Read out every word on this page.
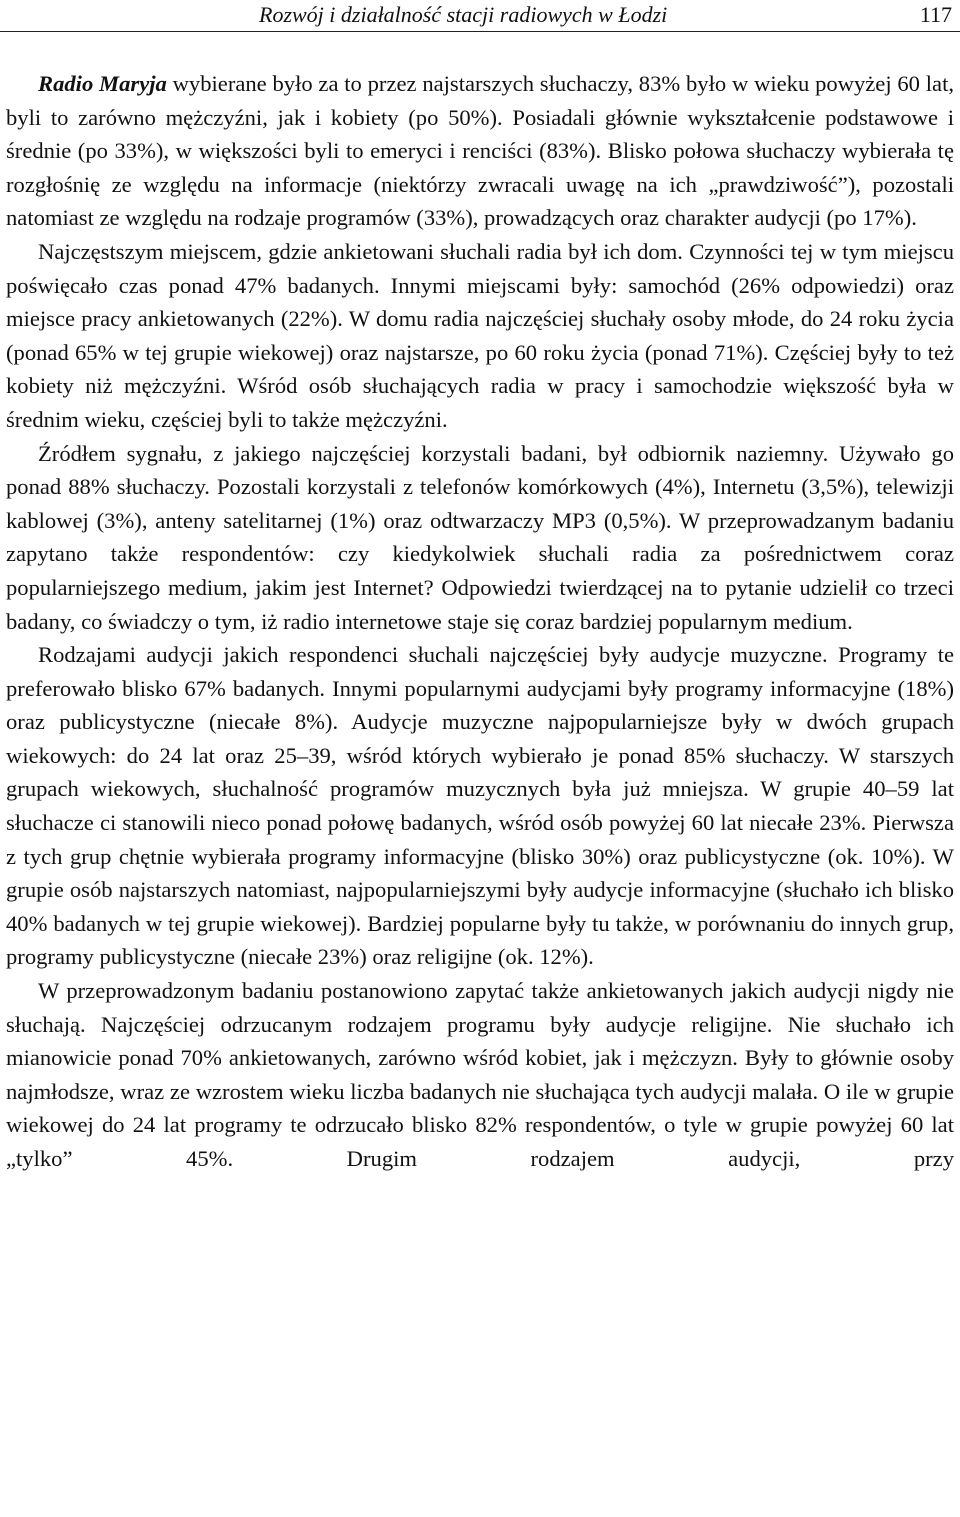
Rozwój i działalność stacji radiowych w Łodzi	117

Radio Maryja wybierane było za to przez najstarszych słuchaczy, 83% było w wieku powyżej 60 lat, byli to zarówno mężczyźni, jak i kobiety (po 50%). Posiadali głównie wykształcenie podstawowe i średnie (po 33%), w większości byli to emeryci i renciści (83%). Blisko połowa słuchaczy wybierała tę rozgłośnię ze względu na informacje (niektórzy zwracali uwagę na ich „prawdziwość”), pozostali natomiast ze względu na rodzaje programów (33%), prowadzących oraz charakter audycji (po 17%).

Najczęstszym miejscem, gdzie ankietowani słuchali radia był ich dom. Czynności tej w tym miejscu poświęcało czas ponad 47% badanych. Innymi miejscami były: samochód (26% odpowiedzi) oraz miejsce pracy ankietowanych (22%). W domu radia najczęściej słuchały osoby młode, do 24 roku życia (ponad 65% w tej grupie wiekowej) oraz najstarsze, po 60 roku życia (ponad 71%). Częściej były to też kobiety niż mężczyźni. Wśród osób słuchających radia w pracy i samochodzie większość była w średnim wieku, częściej byli to także mężczyźni.

Źródłem sygnału, z jakiego najczęściej korzystali badani, był odbiornik naziemny. Używało go ponad 88% słuchaczy. Pozostali korzystali z telefonów komórkowych (4%), Internetu (3,5%), telewizji kablowej (3%), anteny satelitarnej (1%) oraz odtwarzaczy MP3 (0,5%). W przeprowadzanym badaniu zapytano także respondentów: czy kiedykolwiek słuchali radia za pośrednictwem coraz popularniejszego medium, jakim jest Internet? Odpowiedzi twierdzącej na to pytanie udzielił co trzeci badany, co świadczy o tym, iż radio internetowe staje się coraz bardziej popularnym medium.

Rodzajami audycji jakich respondenci słuchali najczęściej były audycje muzyczne. Programy te preferowało blisko 67% badanych. Innymi popularnymi audycjami były programy informacyjne (18%) oraz publicystyczne (niecałe 8%). Audycje muzyczne najpopularniejsze były w dwóch grupach wiekowych: do 24 lat oraz 25–39, wśród których wybierało je ponad 85% słuchaczy. W starszych grupach wiekowych, słuchalność programów muzycznych była już mniejsza. W grupie 40–59 lat słuchacze ci stanowili nieco ponad połowę badanych, wśród osób powyżej 60 lat niecałe 23%. Pierwsza z tych grup chętnie wybierała programy informacyjne (blisko 30%) oraz publicystyczne (ok. 10%). W grupie osób najstarszych natomiast, najpopularniejszymi były audycje informacyjne (słuchało ich blisko 40% badanych w tej grupie wiekowej). Bardziej popularne były tu także, w porównaniu do innych grup, programy publicystyczne (niecałe 23%) oraz religijne (ok. 12%).

W przeprowadzonym badaniu postanowiono zapytać także ankietowanych jakich audycji nigdy nie słuchają. Najczęściej odrzucanym rodzajem programu były audycje religijne. Nie słuchało ich mianowicie ponad 70% ankietowanych, zarówno wśród kobiet, jak i mężczyzn. Były to głównie osoby najmłodsze, wraz ze wzrostem wieku liczba badanych nie słuchająca tych audycji malała. O ile w grupie wiekowej do 24 lat programy te odrzucało blisko 82% respondentów, o tyle w grupie powyżej 60 lat „tylko” 45%. Drugim rodzajem audycji, przy
